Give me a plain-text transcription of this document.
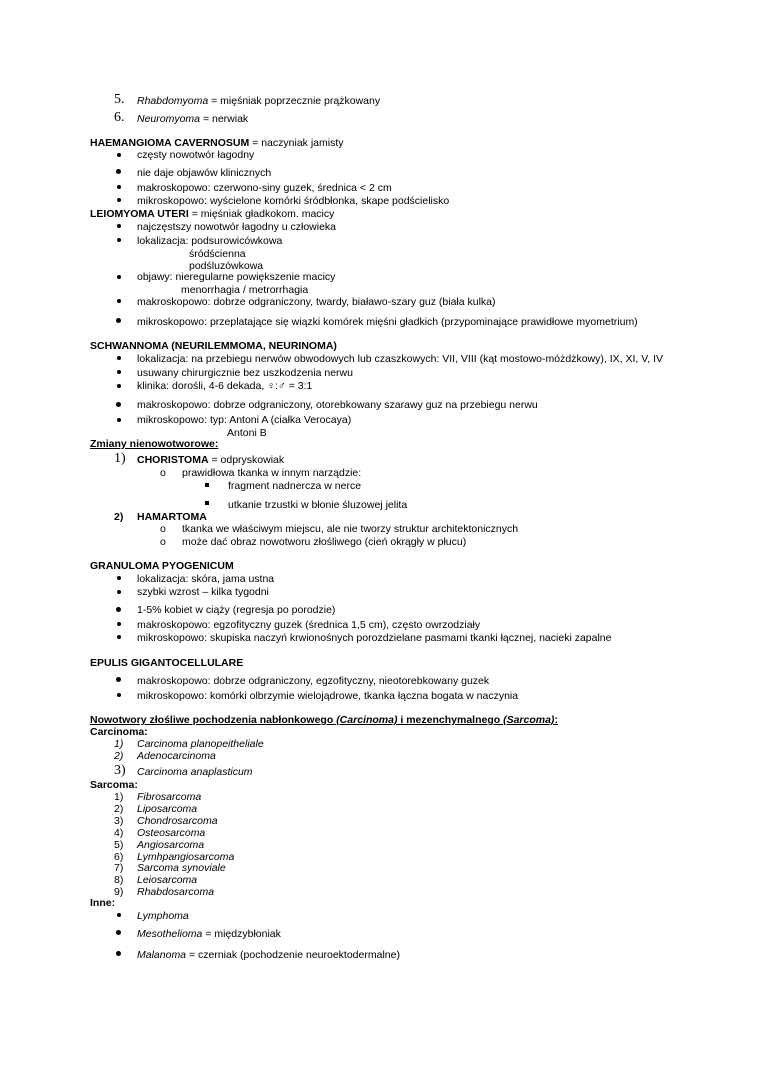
5. Rhabdomyoma = mięśniak poprzecznie prążkowany
6. Neuromyoma = nerwiak
HAEMANGIOMA CAVERNOSUM = naczyniak jamisty
częsty nowotwór łagodny
nie daje objawów klinicznych
makroskopowo: czerwono-siny guzek, średnica < 2 cm
mikroskopowo: wyścielone komórki śródbłonka, skape podścielisko
LEIOMYOMA UTERI = mięśniak gładkokom. macicy
najczęstszy nowotwór łagodny u człowieka
lokalizacja: podsurowicówkowa
śródścienna
podśluzówkowa
objawy: nieregularne powiększenie macicy
menorrhagia / metrorrhagia
makroskopowo: dobrze odgraniczony, twardy, białawo-szary guz (biała kulka)
mikroskopowo: przeplatające się wiązki komórek mięśni gładkich (przypominające prawidłowe myometrium)
SCHWANNOMA (NEURILEMMOMA, NEURINOMA)
lokalizacja: na przebiegu nerwów obwodowych lub czaszkowych: VII, VIII (kąt mostowo-móżdżkowy), IX, XI, V, IV
usuwany chirurgicznie bez uszkodzenia nerwu
klinika: dorośli, 4-6 dekada, ♀:♂ = 3:1
makroskopowo: dobrze odgraniczony, otorebkowany szarawy guz na przebiegu nerwu
mikroskopowo: typ: Antoni A (ciałka Verocaya)
Antoni B
Zmiany nienowotworowe:
1) CHORISTOMA = odpryskowiak
o prawidłowa tkanka w innym narządzie:
fragment nadnercza w nerce
utkanie trzustki w błonie śluzowej jelita
2) HAMARTOMA
o tkanka we właściwym miejscu, ale nie tworzy struktur architektonicznych
o może dać obraz nowotworu złośliwego (cień okrągły w płucu)
GRANULOMA PYOGENICUM
lokalizacja: skóra, jama ustna
szybki wzrost – kilka tygodni
1-5% kobiet w ciąży (regresja po porodzie)
makroskopowo: egzofityczny guzek (średnica 1,5 cm), często owrzodziały
mikroskopowo: skupiska naczyń krwionośnych porozdzielane pasmami tkanki łącznej, nacieki zapalne
EPULIS GIGANTOCELLULARE
makroskopowo: dobrze odgraniczony, egzofityczny, nieotorebkowany guzek
mikroskopowo: komórki olbrzymie wielojądrowe, tkanka łączna bogata w naczynia
Nowotwory złośliwe pochodzenia nabłonkowego (Carcinoma) i mezenchymalnego (Sarcoma):
Carcinoma:
1) Carcinoma planopeitheliale
2) Adenocarcinoma
3) Carcinoma anaplasticum
Sarcoma:
1) Fibrosarcoma
2) Liposarcoma
3) Chondrosarcoma
4) Osteosarcoma
5) Angiosarcoma
6) Lymhpangiosarcoma
7) Sarcoma synoviale
8) Leiosarcoma
9) Rhabdosarcoma
Inne:
Lymphoma
Mesothelioma = międzybłoniak
Malanoma = czerniak (pochodzenie neuroektodermalne)
